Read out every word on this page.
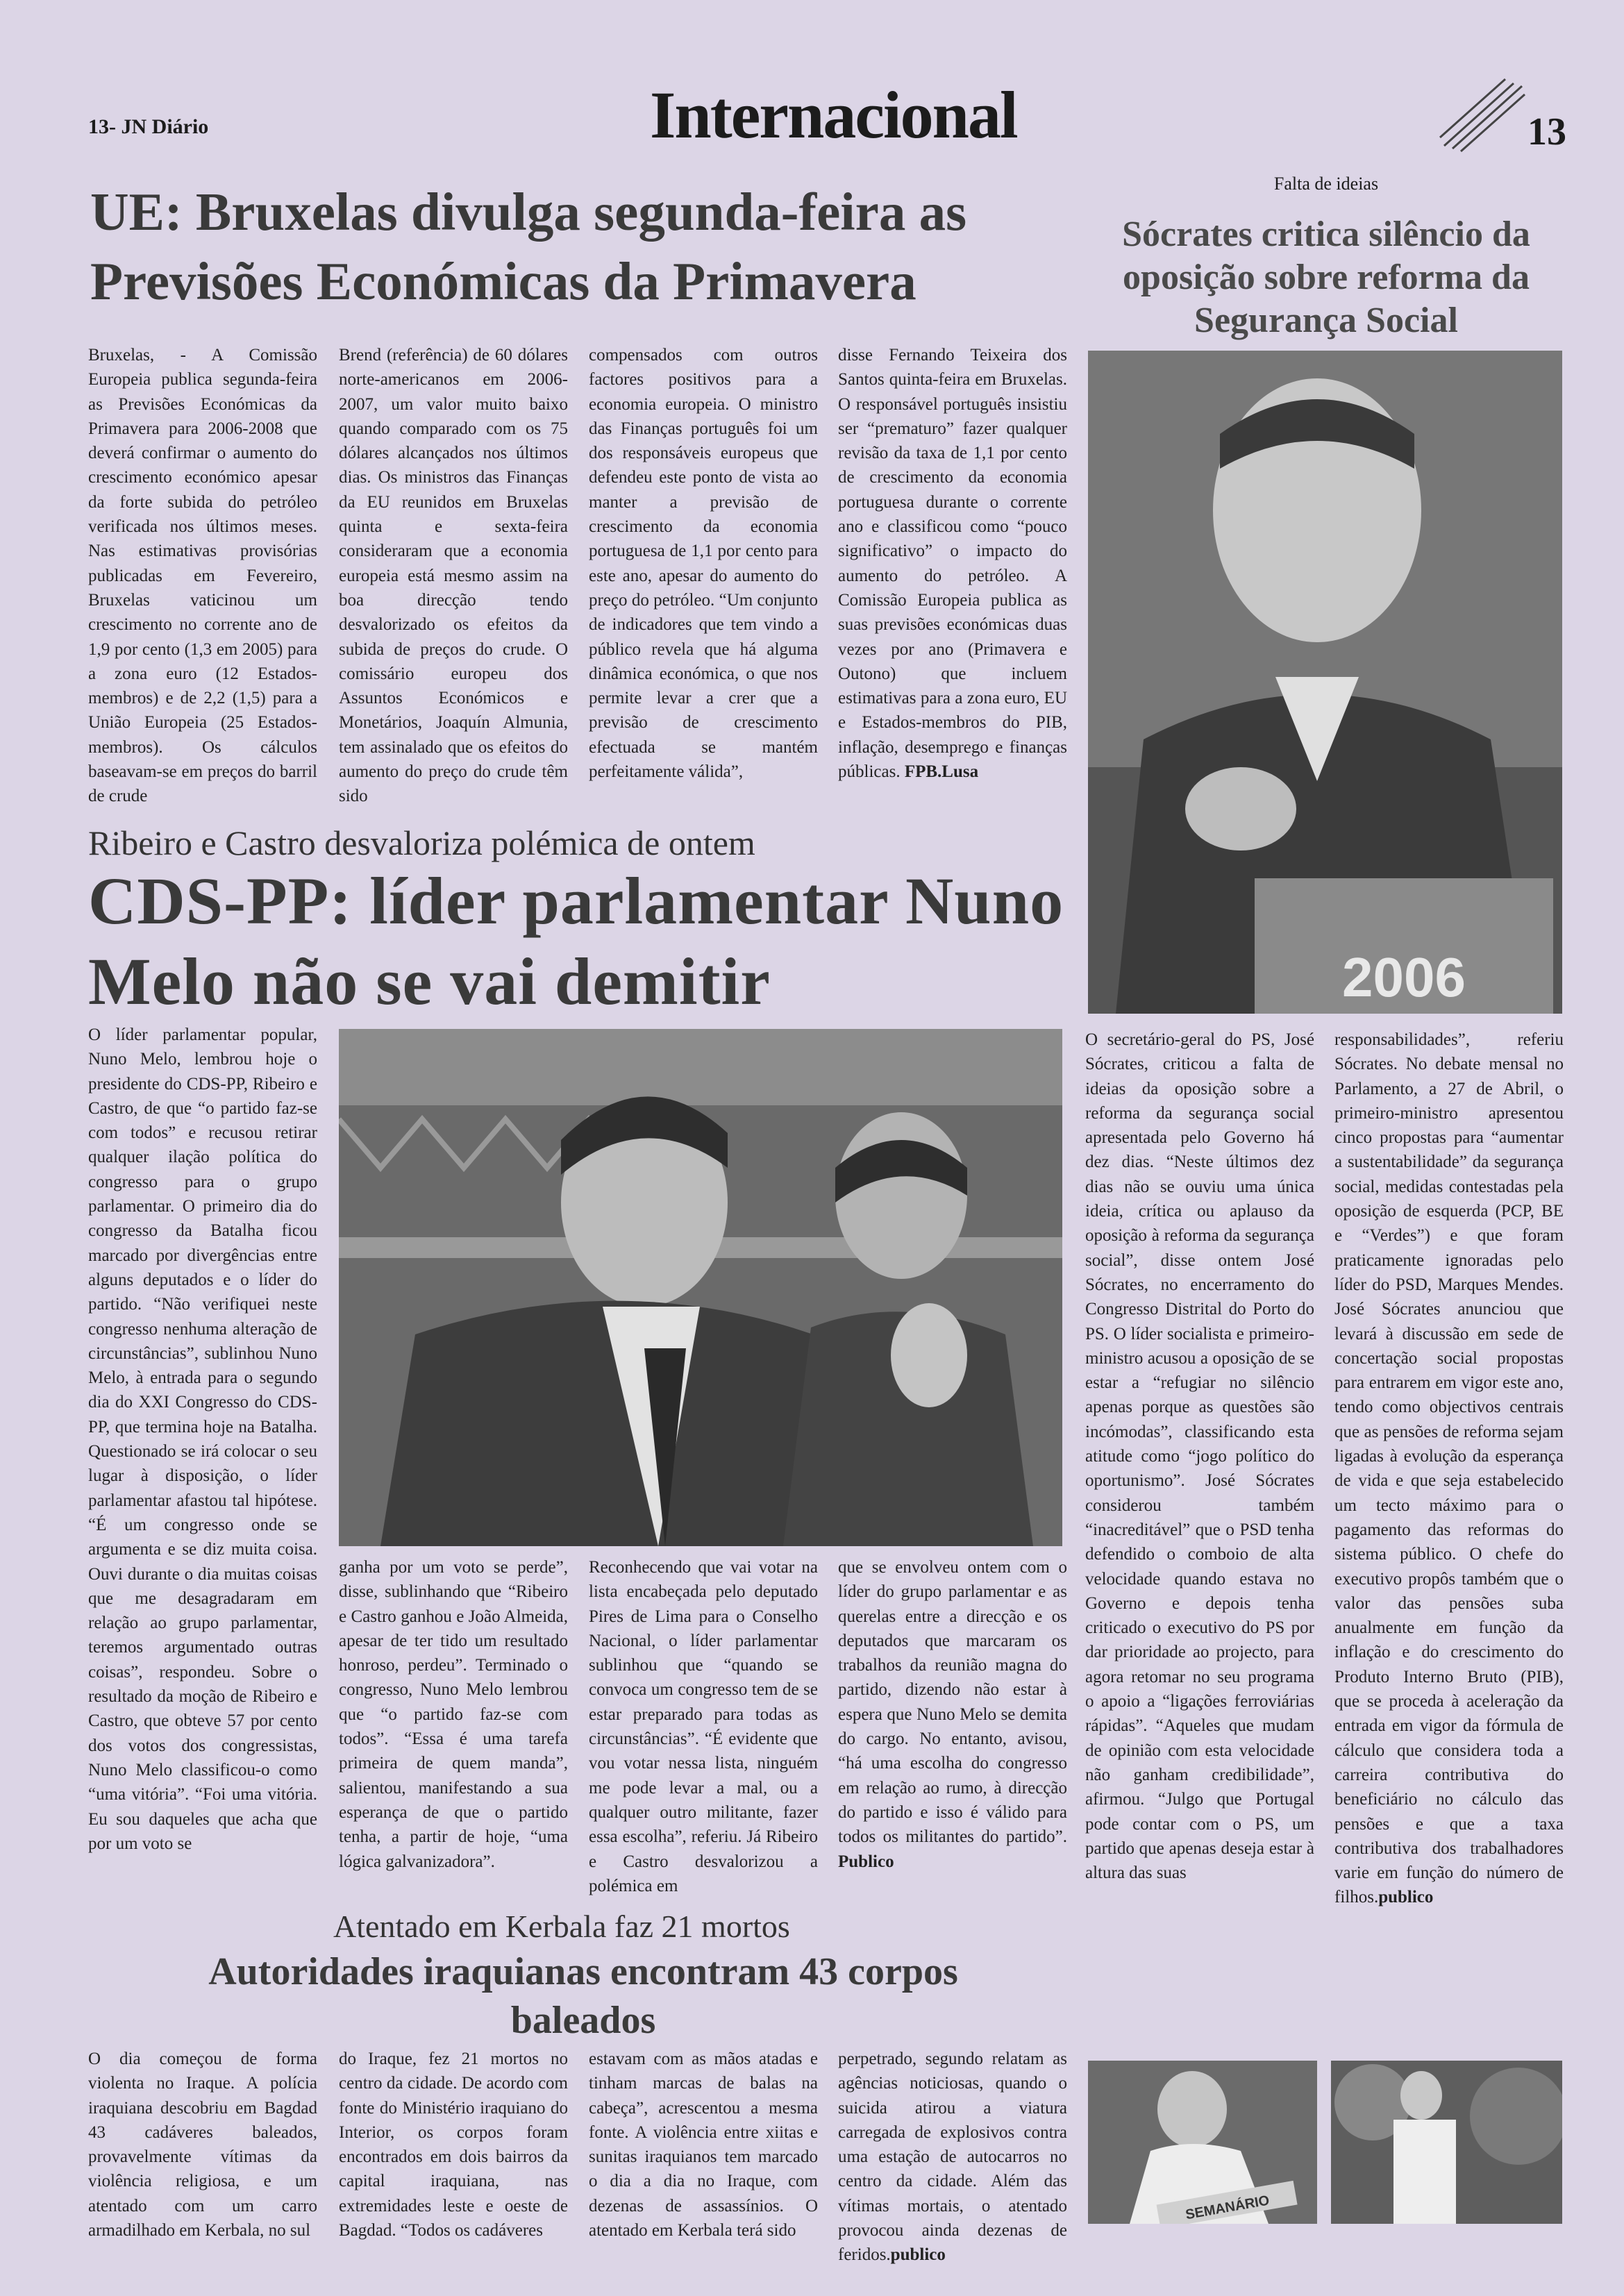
13- JN Diário	Internacional	13
UE: Bruxelas divulga segunda-feira as Previsões Económicas da Primavera

Bruxelas, - A Comissão Europeia publica segunda-feira as Previsões Económicas da Primavera para 2006-2008 que deverá confirmar o aumento do crescimento económico apesar da forte subida do petróleo verificada nos últimos meses. Nas estimativas provisórias publicadas em Fevereiro, Bruxelas vaticinou um crescimento no corrente ano de 1,9 por cento (1,3 em 2005) para a zona euro (12 Estados-membros) e de 2,2 (1,5) para a União Europeia (25 Estados-membros). Os cálculos baseavam-se em preços do barril de crude

Brend (referência) de 60 dólares norte-americanos em 2006-2007, um valor muito baixo quando comparado com os 75 dólares alcançados nos últimos dias. Os ministros das Finanças da EU reunidos em Bruxelas quinta e sexta-feira consideraram que a economia europeia está mesmo assim na boa direcção tendo desvalorizado os efeitos da subida de preços do crude. O comissário europeu dos Assuntos Económicos e Monetários, Joaquín Almunia, tem assinalado que os efeitos do aumento do preço do crude têm sido

compensados com outros factores positivos para a economia europeia. O ministro das Finanças português foi um dos responsáveis europeus que defendeu este ponto de vista ao manter a previsão de crescimento da economia portuguesa de 1,1 por cento para este ano, apesar do aumento do preço do petróleo. “Um conjunto de indicadores que tem vindo a público revela que há alguma dinâmica económica, o que nos permite levar a crer que a previsão de crescimento efectuada se mantém perfeitamente válida”,

disse Fernando Teixeira dos Santos quinta-feira em Bruxelas. O responsável português insistiu ser “prematuro” fazer qualquer revisão da taxa de 1,1 por cento de crescimento da economia portuguesa durante o corrente ano e classificou como “pouco significativo” o impacto do aumento do petróleo. A Comissão Europeia publica as suas previsões económicas duas vezes por ano (Primavera e Outono) que incluem estimativas para a zona euro, EU e Estados-membros do PIB, inflação, desemprego e finanças públicas. FPB.Lusa

Falta de ideias
Sócrates critica silêncio da oposição sobre reforma da Segurança Social
2006

O secretário-geral do PS, José Sócrates, criticou a falta de ideias da oposição sobre a reforma da segurança social apresentada pelo Governo há dez dias. “Neste últimos dez dias não se ouviu uma única ideia, crítica ou aplauso da oposição à reforma da segurança social”, disse ontem José Sócrates, no encerramento do Congresso Distrital do Porto do PS. O líder socialista e primeiro-ministro acusou a oposição de se estar a “refugiar no silêncio apenas porque as questões são incómodas”, classificando esta atitude como “jogo político do oportunismo”. José Sócrates considerou também “inacreditável” que o PSD tenha defendido o comboio de alta velocidade quando estava no Governo e depois tenha criticado o executivo do PS por dar prioridade ao projecto, para agora retomar no seu programa o apoio a “ligações ferroviárias rápidas”. “Aqueles que mudam de opinião com esta velocidade não ganham credibilidade”, afirmou. “Julgo que Portugal pode contar com o PS, um partido que apenas deseja estar à altura das suas

responsabilidades”, referiu Sócrates. No debate mensal no Parlamento, a 27 de Abril, o primeiro-ministro apresentou cinco propostas para “aumentar a sustentabilidade” da segurança social, medidas contestadas pela oposição de esquerda (PCP, BE e “Verdes”) e que foram praticamente ignoradas pelo líder do PSD, Marques Mendes. José Sócrates anunciou que levará à discussão em sede de concertação social propostas para entrarem em vigor este ano, tendo como objectivos centrais que as pensões de reforma sejam ligadas à evolução da esperança de vida e que seja estabelecido um tecto máximo para o pagamento das reformas do sistema público. O chefe do executivo propôs também que o valor das pensões suba anualmente em função da inflação e do crescimento do Produto Interno Bruto (PIB), que se proceda à aceleração da entrada em vigor da fórmula de cálculo que considera toda a carreira contributiva do beneficiário no cálculo das pensões e que a taxa contributiva dos trabalhadores varie em função do número de filhos.publico

SEMANÁRIO
Ribeiro e Castro desvaloriza polémica de ontem
CDS-PP: líder parlamentar Nuno Melo não se vai demitir

O líder parlamentar popular, Nuno Melo, lembrou hoje o presidente do CDS-PP, Ribeiro e Castro, de que “o partido faz-se com todos” e recusou retirar qualquer ilação política do congresso para o grupo parlamentar. O primeiro dia do congresso da Batalha ficou marcado por divergências entre alguns deputados e o líder do partido. “Não verifiquei neste congresso nenhuma alteração de circunstâncias”, sublinhou Nuno Melo, à entrada para o segundo dia do XXI Congresso do CDS-PP, que termina hoje na Batalha. Questionado se irá colocar o seu lugar à disposição, o líder parlamentar afastou tal hipótese. “É um congresso onde se argumenta e se diz muita coisa. Ouvi durante o dia muitas coisas que me desagradaram em relação ao grupo parlamentar, teremos argumentado outras coisas”, respondeu. Sobre o resultado da moção de Ribeiro e Castro, que obteve 57 por cento dos votos dos congressistas, Nuno Melo classificou-o como “uma vitória”. “Foi uma vitória. Eu sou daqueles que acha que por um voto se

ganha por um voto se perde”, disse, sublinhando que “Ribeiro e Castro ganhou e João Almeida, apesar de ter tido um resultado honroso, perdeu”. Terminado o congresso, Nuno Melo lembrou que “o partido faz-se com todos”. “Essa é uma tarefa primeira de quem manda”, salientou, manifestando a sua esperança de que o partido tenha, a partir de hoje, “uma lógica galvanizadora”.

Reconhecendo que vai votar na lista encabeçada pelo deputado Pires de Lima para o Conselho Nacional, o líder parlamentar sublinhou que “quando se convoca um congresso tem de se estar preparado para todas as circunstâncias”. “É evidente que vou votar nessa lista, ninguém me pode levar a mal, ou a qualquer outro militante, fazer essa escolha”, referiu. Já Ribeiro e Castro desvalorizou a polémica em

que se envolveu ontem com o líder do grupo parlamentar e as querelas entre a direcção e os deputados que marcaram os trabalhos da reunião magna do partido, dizendo não estar à espera que Nuno Melo se demita do cargo. No entanto, avisou, “há uma escolha do congresso em relação ao rumo, à direcção do partido e isso é válido para todos os militantes do partido”. Publico

Atentado em Kerbala faz 21 mortos
Autoridades iraquianas encontram 43 corpos baleados

O dia começou de forma violenta no Iraque. A polícia iraquiana descobriu em Bagdad 43 cadáveres baleados, provavelmente vítimas da violência religiosa, e um atentado com um carro armadilhado em Kerbala, no sul

do Iraque, fez 21 mortos no centro da cidade. De acordo com fonte do Ministério iraquiano do Interior, os corpos foram encontrados em dois bairros da capital iraquiana, nas extremidades leste e oeste de Bagdad. “Todos os cadáveres

estavam com as mãos atadas e tinham marcas de balas na cabeça”, acrescentou a mesma fonte. A violência entre xiitas e sunitas iraquianos tem marcado o dia a dia no Iraque, com dezenas de assassínios. O atentado em Kerbala terá sido

perpetrado, segundo relatam as agências noticiosas, quando o suicida atirou a viatura carregada de explosivos contra uma estação de autocarros no centro da cidade. Além das vítimas mortais, o atentado provocou ainda dezenas de feridos.publico
